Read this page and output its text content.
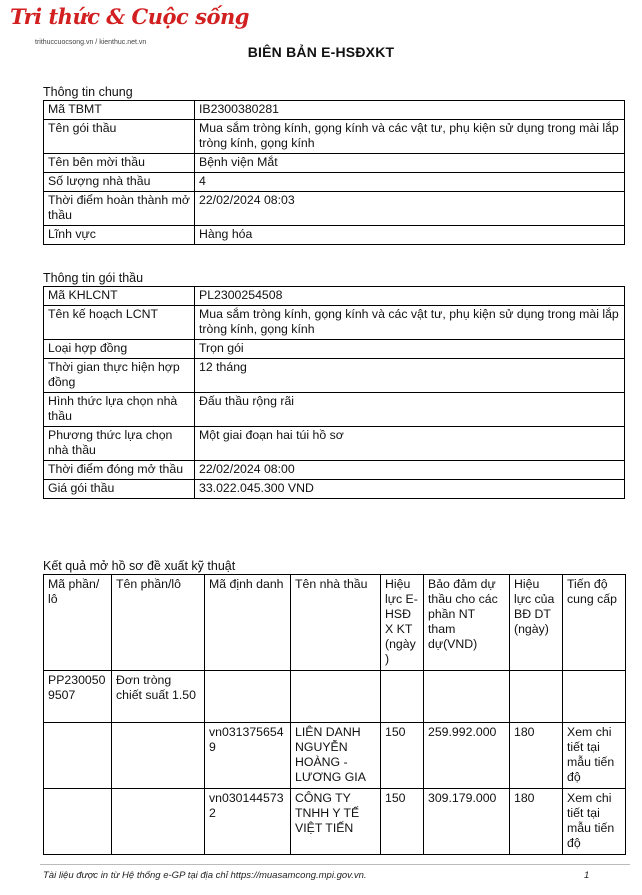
Tri thức & Cuộc sống
trithuccuocsong.vn / kienthuc.net.vn
BIÊN BẢN E-HSĐXKT
Thông tin chung
Mã TBMT	IB2300380281
Tên gói thầu	Mua sắm tròng kính, gọng kính và các vật tư, phụ kiện sử dụng trong mài lắp tròng kính, gọng kính
Tên bên mời thầu	Bệnh viện Mắt
Số lượng nhà thầu	4
Thời điểm hoàn thành mở thầu	22/02/2024 08:03
Lĩnh vực	Hàng hóa
Thông tin gói thầu
Mã KHLCNT	PL2300254508
Tên kế hoạch LCNT	Mua sắm tròng kính, gọng kính và các vật tư, phụ kiện sử dụng trong mài lắp tròng kính, gọng kính
Loại hợp đồng	Trọn gói
Thời gian thực hiện hợp đồng	12 tháng
Hình thức lựa chọn nhà thầu	Đấu thầu rộng rãi
Phương thức lựa chọn nhà thầu	Một giai đoạn hai túi hồ sơ
Thời điểm đóng mở thầu	22/02/2024 08:00
Giá gói thầu	33.022.045.300 VND
Kết quả mở hồ sơ đề xuất kỹ thuật
Mã phần/ lô	Tên phần/lô	Mã định danh	Tên nhà thầu	Hiệu lực E-HSĐX KT (ngày)	Bảo đảm dự thầu cho các phần NT tham dự(VND)	Hiệu lực của BĐ DT (ngày)	Tiến độ cung cấp
PP2300509507	Đơn tròng chiết suất 1.50						
		vn0313756549	LIÊN DANH NGUYỄN HOÀNG - LƯƠNG GIA	150	259.992.000	180	Xem chi tiết tại mẫu tiến độ
		vn0301445732	CÔNG TY TNHH Y TẾ VIỆT TIẾN	150	309.179.000	180	Xem chi tiết tại mẫu tiến độ
Tài liệu được in từ Hệ thống e-GP tại địa chỉ https://muasamcong.mpi.gov.vn.	1
